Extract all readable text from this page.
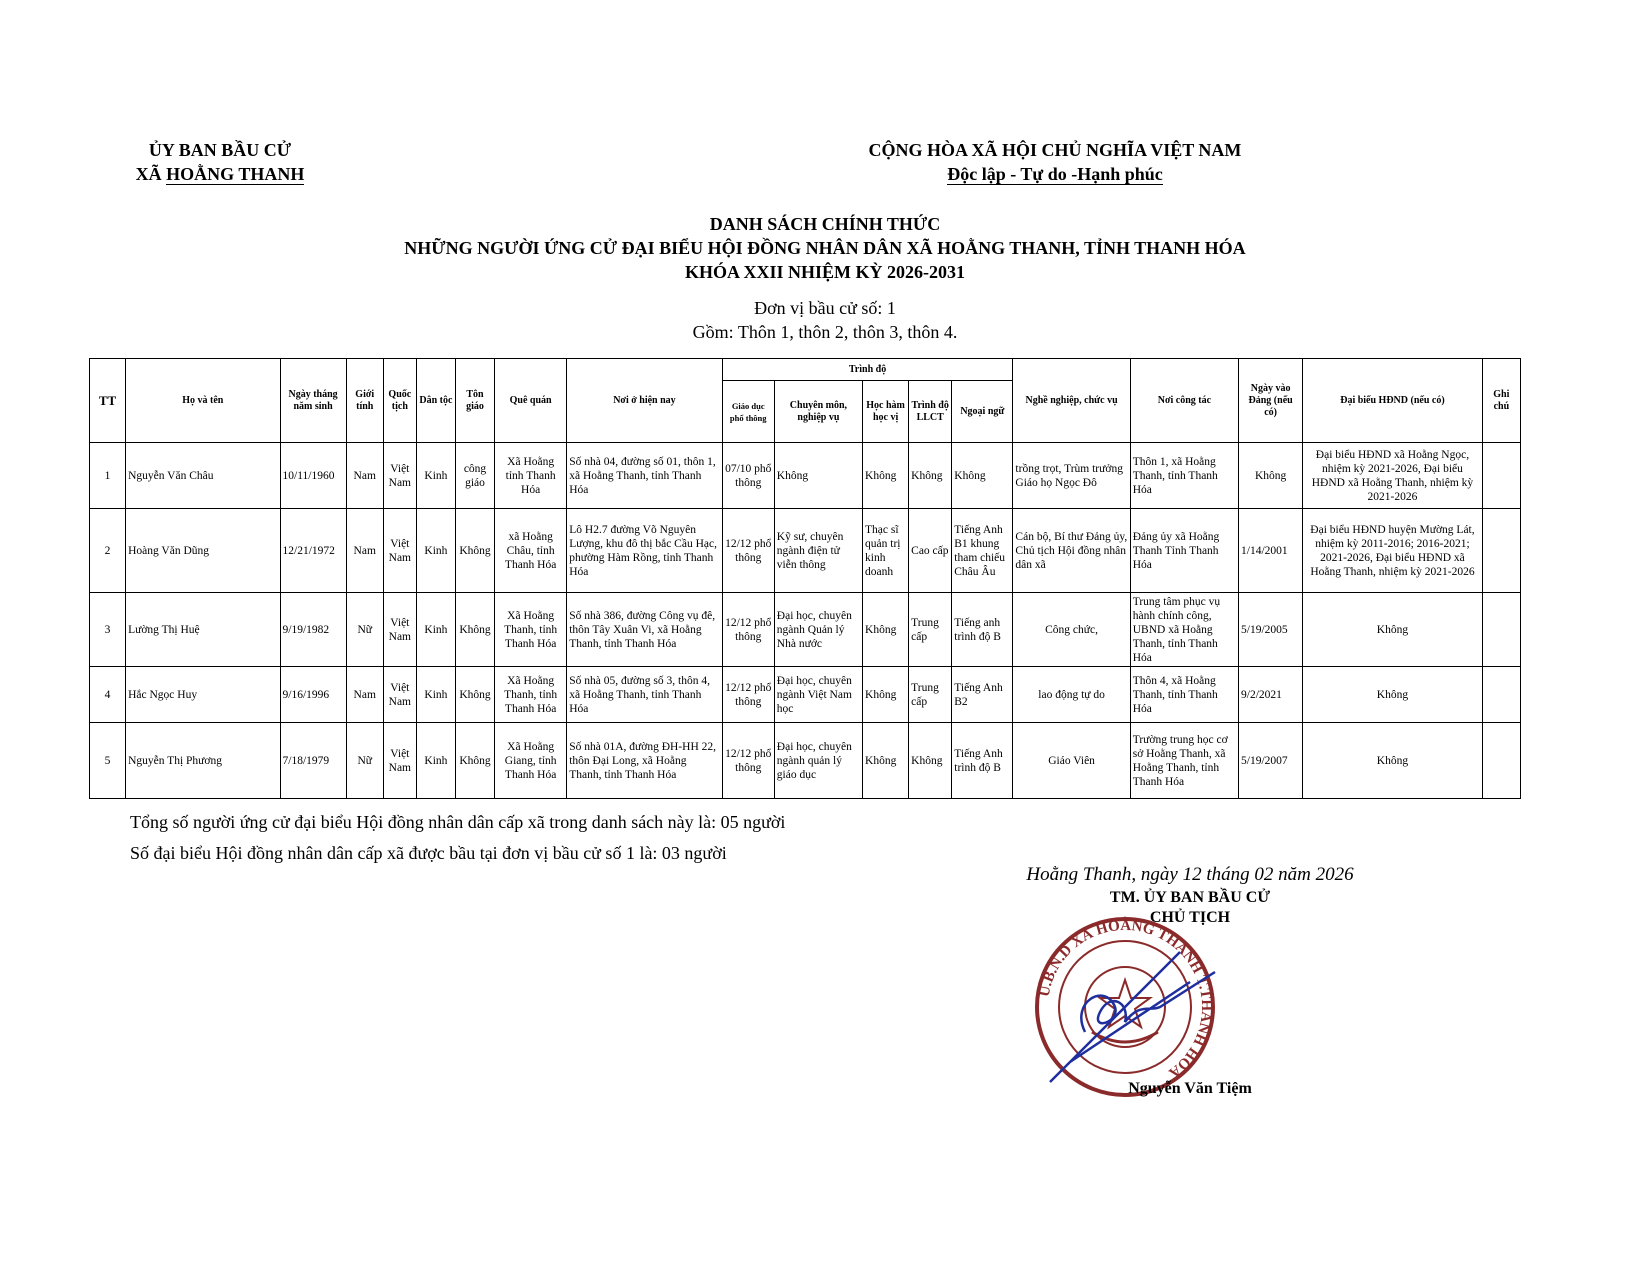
ỦY BAN BẦU CỬ
XÃ HOẰNG THANH
CỘNG HÒA XÃ HỘI CHỦ NGHĨA VIỆT NAM
Độc lập - Tự do -Hạnh phúc
DANH SÁCH CHÍNH THỨC
NHỮNG NGƯỜI ỨNG CỬ ĐẠI BIỂU HỘI ĐỒNG NHÂN DÂN XÃ HOẰNG THANH, TỈNH THANH HÓA
KHÓA XXII NHIỆM KỲ 2026-2031
Đơn vị bầu cử số: 1
Gồm: Thôn 1, thôn 2, thôn 3, thôn 4.
TT	Họ và tên	Ngày tháng năm sinh	Giới tính	Quốc tịch	Dân tộc	Tôn giáo	Quê quán	Nơi ở hiện nay	Trình độ					Nghề nghiệp, chức vụ	Nơi công tác	Ngày vào Đảng (nếu có)	Đại biểu HĐND (nếu có)	Ghi chú
									Giáo dục phổ thông	Chuyên môn, nghiệp vụ	Học hàm học vị	Trình độ LLCT	Ngoại ngữ					
1	Nguyễn Văn Châu	10/11/1960	Nam	Việt Nam	Kinh	công giáo	Xã Hoằng tỉnh Thanh Hóa	Số nhà 04, đường số 01, thôn 1, xã Hoằng Thanh, tỉnh Thanh Hóa	07/10 phổ thông	Không	Không	Không	Không	trồng trọt, Trùm trưởng Giáo họ Ngọc Đô	Thôn 1, xã Hoằng Thanh, tỉnh Thanh Hóa	Không	Đại biểu HĐND xã Hoằng Ngọc, nhiệm kỳ 2021-2026, Đại biểu HĐND xã Hoằng Thanh, nhiệm kỳ 2021-2026	
2	Hoàng Văn Dũng	12/21/1972	Nam	Việt Nam	Kinh	Không	xã Hoằng Châu, tỉnh Thanh Hóa	Lô H2.7 đường Võ Nguyên Lượng, khu đô thị bắc Cầu Hạc, phường Hàm Rồng, tỉnh Thanh Hóa	12/12 phổ thông	Kỹ sư, chuyên ngành điện tử viễn thông	Thạc sĩ quản trị kinh doanh	Cao cấp	Tiếng Anh B1 khung tham chiếu Châu Âu	Cán bộ, Bí thư Đảng ủy, Chủ tịch Hội đồng nhân dân xã	Đảng ủy xã Hoằng Thanh Tỉnh Thanh Hóa	1/14/2001	Đại biểu HĐND huyện Mường Lát, nhiệm kỳ 2011-2016; 2016-2021; 2021-2026, Đại biểu HĐND xã Hoằng Thanh, nhiệm kỳ 2021-2026	
3	Lường Thị Huệ	9/19/1982	Nữ	Việt Nam	Kinh	Không	Xã Hoằng Thanh, tỉnh Thanh Hóa	Số nhà 386, đường Công vụ đê, thôn Tây Xuân Vi, xã Hoằng Thanh, tỉnh Thanh Hóa	12/12 phổ thông	Đại học, chuyên ngành Quản lý Nhà nước	Không	Trung cấp	Tiếng anh trình độ B	Công chức,	Trung tâm phục vụ hành chính công, UBND xã Hoằng Thanh, tỉnh Thanh Hóa	5/19/2005	Không	
4	Hắc Ngọc Huy	9/16/1996	Nam	Việt Nam	Kinh	Không	Xã Hoằng Thanh, tỉnh Thanh Hóa	Số nhà 05, đường số 3, thôn 4, xã Hoằng Thanh, tỉnh Thanh Hóa	12/12 phổ thông	Đại học, chuyên ngành Việt Nam học	Không	Trung cấp	Tiếng Anh B2	lao động tự do	Thôn 4, xã Hoằng Thanh, tỉnh Thanh Hóa	9/2/2021	Không	
5	Nguyễn Thị Phương	7/18/1979	Nữ	Việt Nam	Kinh	Không	Xã Hoằng Giang, tỉnh Thanh Hóa	Số nhà 01A, đường ĐH-HH 22, thôn Đại Long, xã Hoằng Thanh, tỉnh Thanh Hóa	12/12 phổ thông	Đại học, chuyên ngành quản lý giáo dục	Không	Không	Tiếng Anh trình độ B	Giáo Viên	Trường trung học cơ sở Hoằng Thanh, xã Hoằng Thanh, tỉnh Thanh Hóa	5/19/2007	Không	
Tổng số người ứng cử đại biểu Hội đồng nhân dân cấp xã trong danh sách này là: 05 người
Số đại biểu Hội đồng nhân dân cấp xã được bầu tại đơn vị bầu cử số 1 là: 03 người
Hoằng Thanh, ngày 12 tháng 02 năm 2026
TM. ỦY BAN BẦU CỬ
CHỦ TỊCH
U.B.N.D XÃ HOẰNG THANH T.THANH HÓA
Nguyễn Văn Tiệm
